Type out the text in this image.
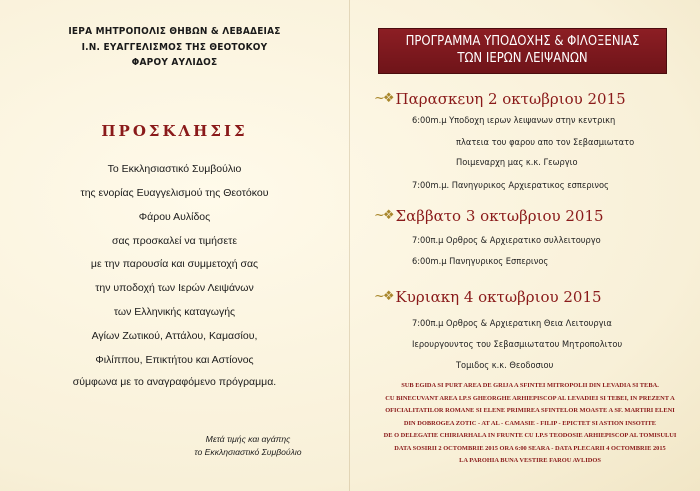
ΙΕΡΑ ΜΗΤΡΟΠΟΛΙΣ ΘΗΒΩΝ & ΛΕΒΑΔΕΙΑΣ
Ι.Ν. ΕΥΑΓΓΕΛΙΣΜΟΣ ΤΗΣ ΘΕΟΤΟΚΟΥ
ΦΑΡΟΥ ΑΥΛΙΔΟΣ
ΠΡΟΣΚΛΗΣΙΣ
Το Εκκλησιαστικό Συμβούλιο
της ενορίας Ευαγγελισμού της Θεοτόκου
Φάρου Αυλίδος
σας προσκαλεί να τιμήσετε
με την παρουσία και συμμετοχή σας
την υποδοχή των Ιερών Λειψάνων
των Ελληνικής καταγωγής
Αγίων Ζωτικού, Αττάλου, Καμασίου,
Φιλίππου, Επικτήτου και Αστίονος
σύμφωνα με το αναγραφόμενο πρόγραμμα.
Μετά τιμής και αγάπης
το Εκκλησιαστικό Συμβούλιο
ΠΡΟΓΡΑΜΜΑ ΥΠΟΔΟΧΗΣ & ΦΙΛΟΞΕΝΙΑΣ
ΤΩΝ ΙΕΡΩΝ ΛΕΙΨΑΝΩΝ
~❖ Παρασκευη 2 οκτωβριου 2015
6:00m.μ Υποδοχη ιερων λειψανων στην κεντρικη
πλατεια του φαρου απο τον Σεβασμιωτατο
Ποιμεναρχη μας κ.κ. Γεωργιο
7:00m.μ. Πανηγυρικος Αρχιερατικος εσπερινος
~❖ Σαββατο 3 οκτωβριου 2015
7:00π.μ Ορθρος & Αρχιερατικο συλλειτουργο
6:00m.μ Πανηγυρικος Εσπερινος
~❖ Κυριακη 4 οκτωβριου 2015
7:00π.μ Ορθρος & Αρχιερατικη Θεια Λειτουργια
Ιερουργουντος του Σεβασμιωτατου Μητροπολιτου
Τομιδος κ.κ. Θεοδοσιου
SUB EGIDA SI PURT AREA DE GRIJA A SFINTEI MITROPOLII DIN LEVADIA SI TEBA.
CU BINECUVANT AREA I.P.S GHEORGHE ARHIEPISCOP AL LEVADIEI SI TEBEI, IN PREZENT A
OFICIALITATILOR ROMANE SI ELENE PRIMIREA SFINTELOR MOASTE A SF. MARTIRI ELENI
DIN DOBROGEA ZOTIC - AT AL - CAMASIE - FILIP - EPICTET SI ASTION INSOTITE
DE O DELEGATIE CHIRIARHALA IN FRUNTE CU I.P.S TEODOSIE ARHIEPISCOP AL TOMISULUI
DATA SOSIRII 2 OCTOMBRIE 2015 ORA 6:00 SEARA - DATA PLECARII 4 OCTOMBRIE 2015
LA PAROHIA BUNA VESTIRE FAROU AVLIDOS
